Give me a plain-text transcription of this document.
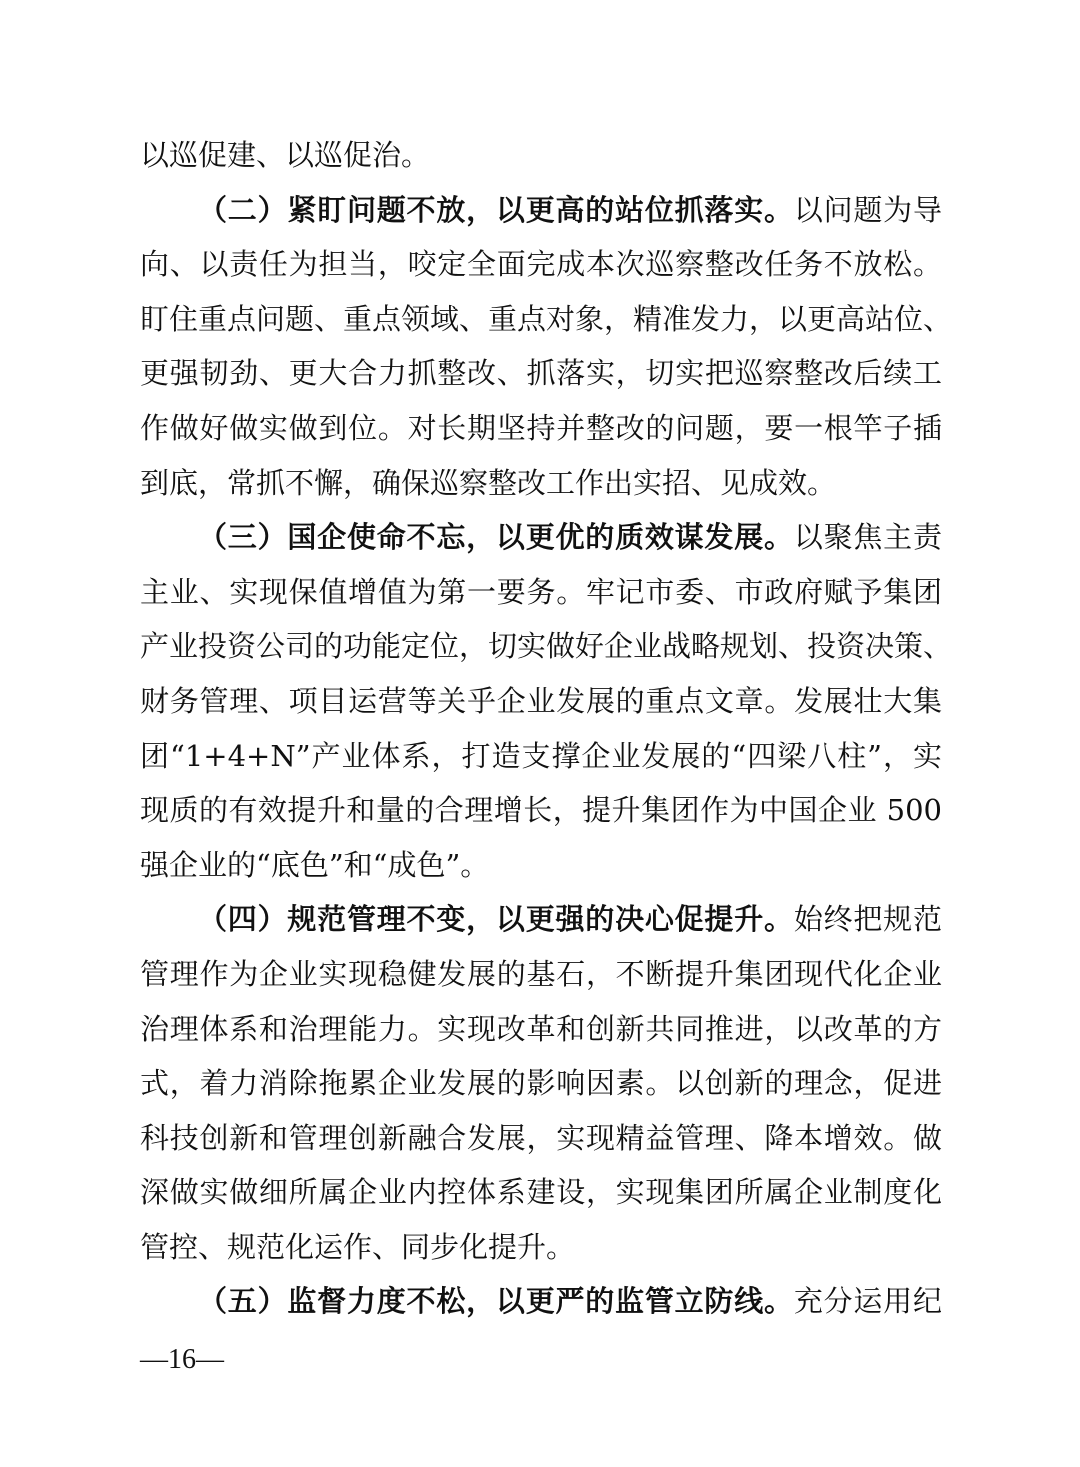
以巡促建、以巡促治。
（二）紧盯问题不放，以更高的站位抓落实。以问题为导
向、以责任为担当，咬定全面完成本次巡察整改任务不放松。
盯住重点问题、重点领域、重点对象，精准发力，以更高站位、
更强韧劲、更大合力抓整改、抓落实，切实把巡察整改后续工
作做好做实做到位。对长期坚持并整改的问题，要一根竿子插
到底，常抓不懈，确保巡察整改工作出实招、见成效。
（三）国企使命不忘，以更优的质效谋发展。以聚焦主责
主业、实现保值增值为第一要务。牢记市委、市政府赋予集团
产业投资公司的功能定位，切实做好企业战略规划、投资决策、
财务管理、项目运营等关乎企业发展的重点文章。发展壮大集
团“1+4+N”产业体系，打造支撑企业发展的“四梁八柱”，实
现质的有效提升和量的合理增长，提升集团作为中国企业 500
强企业的“底色”和“成色”。
（四）规范管理不变，以更强的决心促提升。始终把规范
管理作为企业实现稳健发展的基石，不断提升集团现代化企业
治理体系和治理能力。实现改革和创新共同推进，以改革的方
式，着力消除拖累企业发展的影响因素。以创新的理念，促进
科技创新和管理创新融合发展，实现精益管理、降本增效。做
深做实做细所属企业内控体系建设，实现集团所属企业制度化
管控、规范化运作、同步化提升。
（五）监督力度不松，以更严的监管立防线。充分运用纪
—16—
